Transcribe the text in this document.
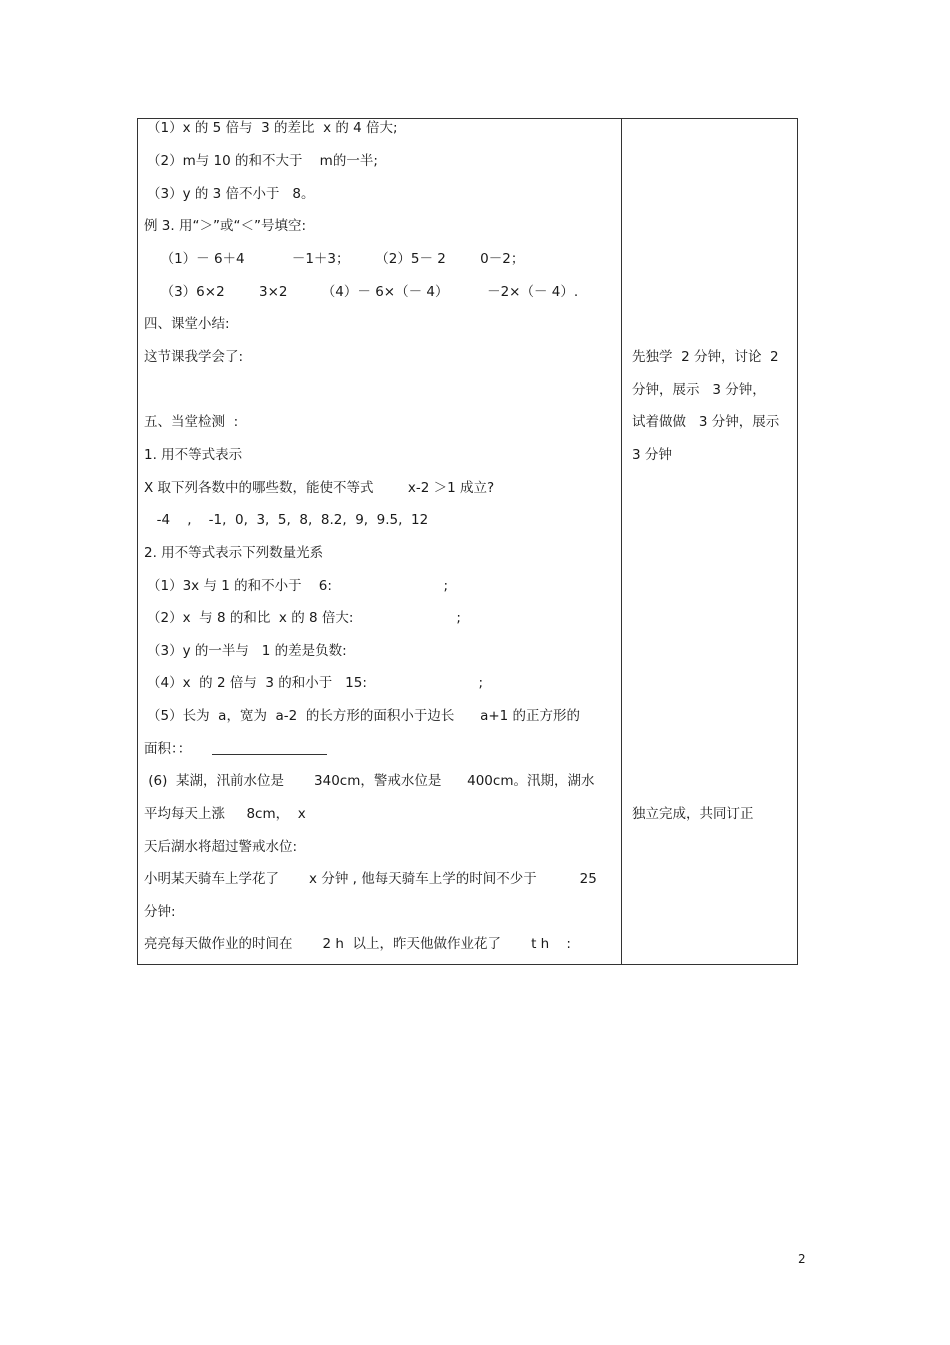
（1）x 的 5 倍与  3 的差比  x 的 4 倍大;
（2）m与 10 的和不大于    m的一半;
（3）y 的 3 倍不小于   8。
例 3. 用“＞”或“＜”号填空:
（1）－ 6＋4           －1＋3；      （2）5－ 2        0－2；
（3）6×2        3×2        （4）－ 6×（－ 4）         －2×（－ 4）.
四、课堂小结:
这节课我学会了:
五、当堂检测  :
1. 用不等式表示
X 取下列各数中的哪些数，能使不等式        x-2 ＞1 成立?
-4    ,    -1,  0,  3,  5,  8,  8.2,  9,  9.5,  12
2. 用不等式表示下列数量光系
（1）3x 与 1 的和不小于    6:                          ;
（2）x  与 8 的和比  x 的 8 倍大:                        ;
（3）y 的一半与   1 的差是负数:
（4）x  的 2 倍与  3 的和小于   15:                          ;
（5）长为  a，宽为  a-2  的长方形的面积小于边长      a+1 的正方形的
面积：：
(6)  某湖，汛前水位是       340cm，警戒水位是      400cm。汛期，湖水
平均每天上涨     8cm，  x
天后湖水将超过警戒水位:
小明某天骑车上学花了       x 分钟 , 他每天骑车上学的时间不少于          25
分钟:
亮亮每天做作业的时间在       2 h  以上，昨天他做作业花了       t h    :
先独学  2 分钟，讨论  2
分钟，展示   3 分钟，
试着做做   3 分钟，展示
3 分钟
独立完成，共同订正
2
